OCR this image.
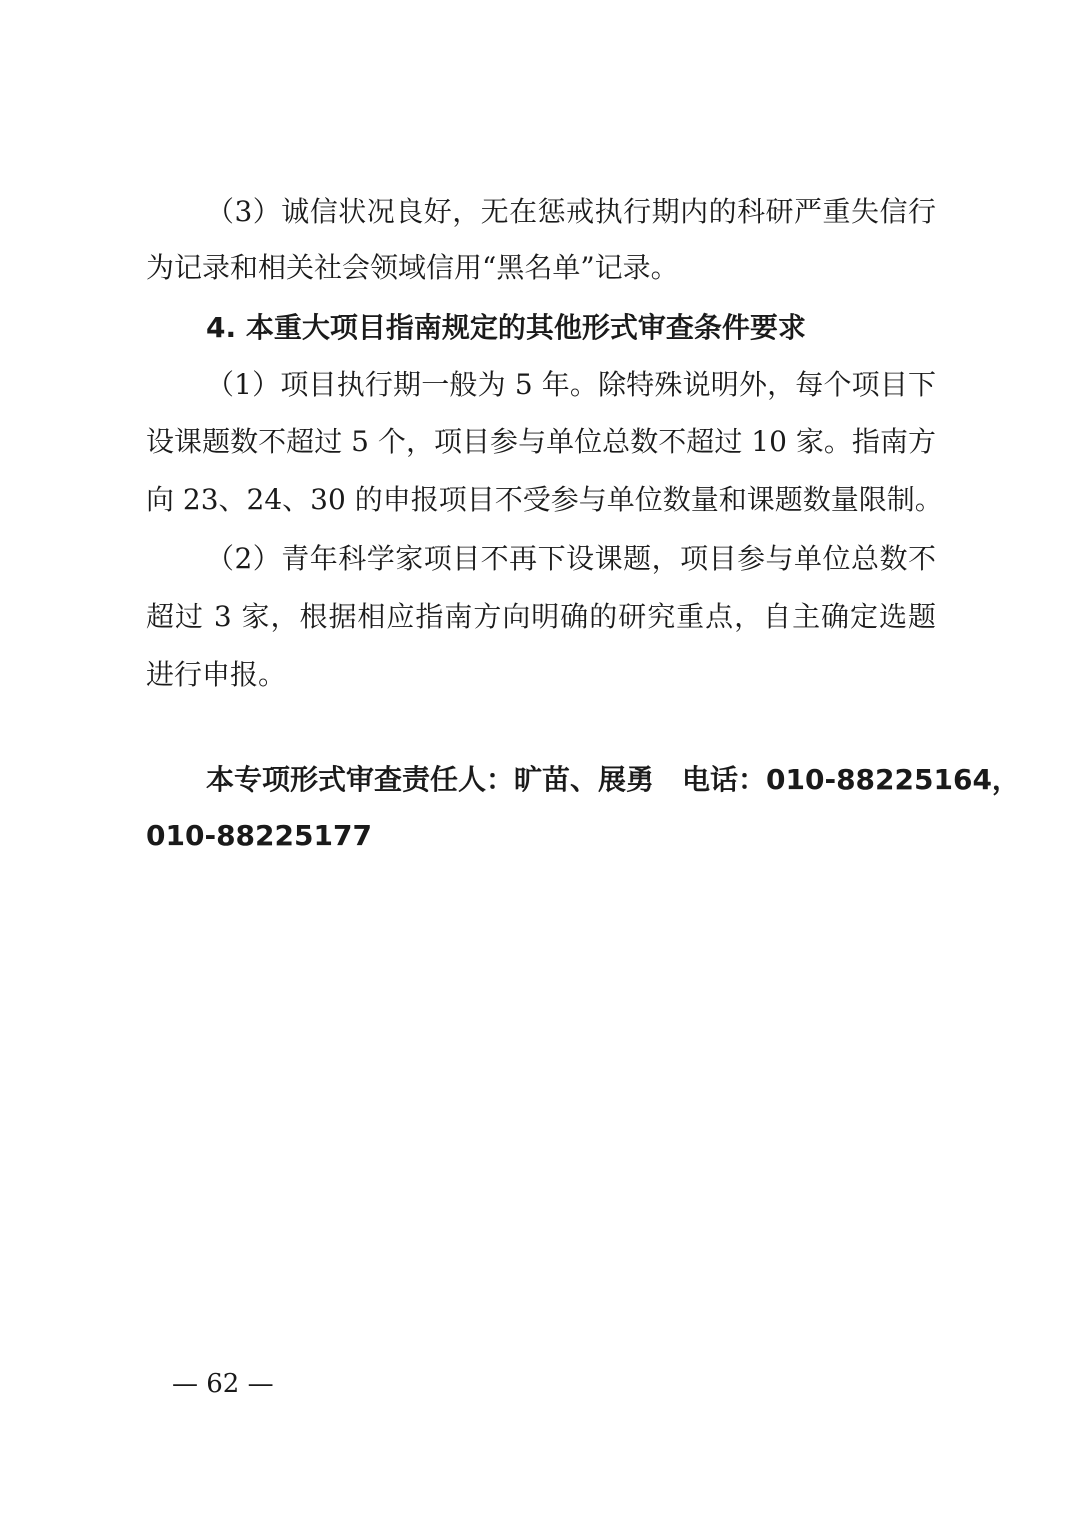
（3）诚信状况良好，无在惩戒执行期内的科研严重失信行
为记录和相关社会领域信用“黑名单”记录。
4. 本重大项目指南规定的其他形式审查条件要求
（1）项目执行期一般为 5 年。除特殊说明外，每个项目下
设课题数不超过 5 个，项目参与单位总数不超过 10 家。指南方
向 23、24、30 的申报项目不受参与单位数量和课题数量限制。
（2）青年科学家项目不再下设课题，项目参与单位总数不
超过 3 家，根据相应指南方向明确的研究重点，自主确定选题
进行申报。
本专项形式审查责任人：旷苗、展勇　电话：010-88225164，
010-88225177
— 62 —
